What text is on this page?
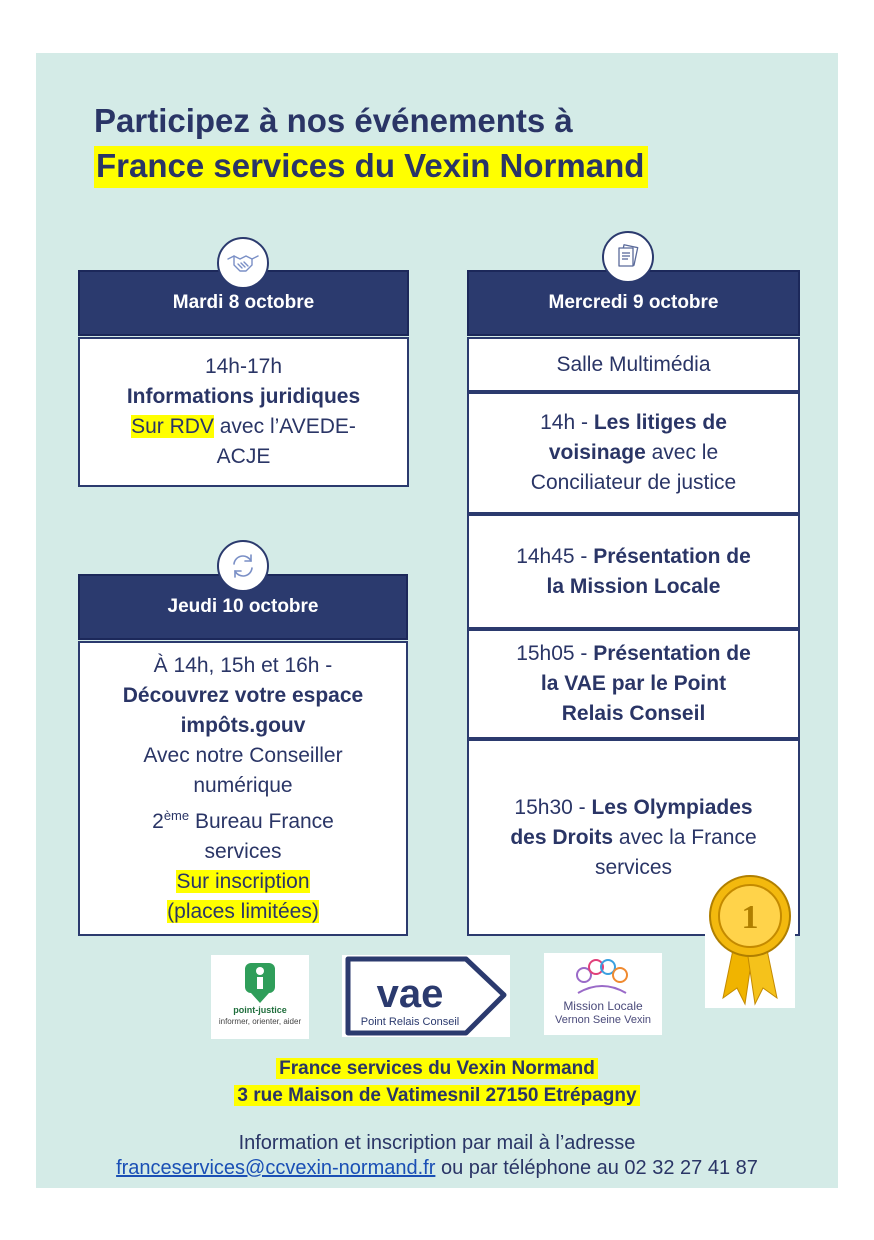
Participez à nos événements à
France services du Vexin Normand
Mardi 8 octobre
14h-17h
Informations juridiques
Sur RDV avec l’AVEDE-
ACJE
Jeudi 10 octobre
À 14h, 15h et 16h -
Découvrez votre espace
impôts.gouv
Avec notre Conseiller
numérique
2ème Bureau France
services
Sur inscription
(places limitées)
Mercredi 9 octobre
Salle Multimédia
14h - Les litiges de
voisinage avec le
Conciliateur de justice
14h45 - Présentation de
la Mission Locale
15h05 - Présentation de
la VAE par le Point
Relais Conseil
15h30 - Les Olympiades
des Droits avec la France
services
1
point-justice
informer, orienter, aider
vae
Point Relais Conseil
Mission Locale
Vernon Seine Vexin
France services du Vexin Normand
3 rue Maison de Vatimesnil 27150 Etrépagny
Information et inscription par mail à l’adresse
franceservices@ccvexin-normand.fr ou par téléphone au 02 32 27 41 87
